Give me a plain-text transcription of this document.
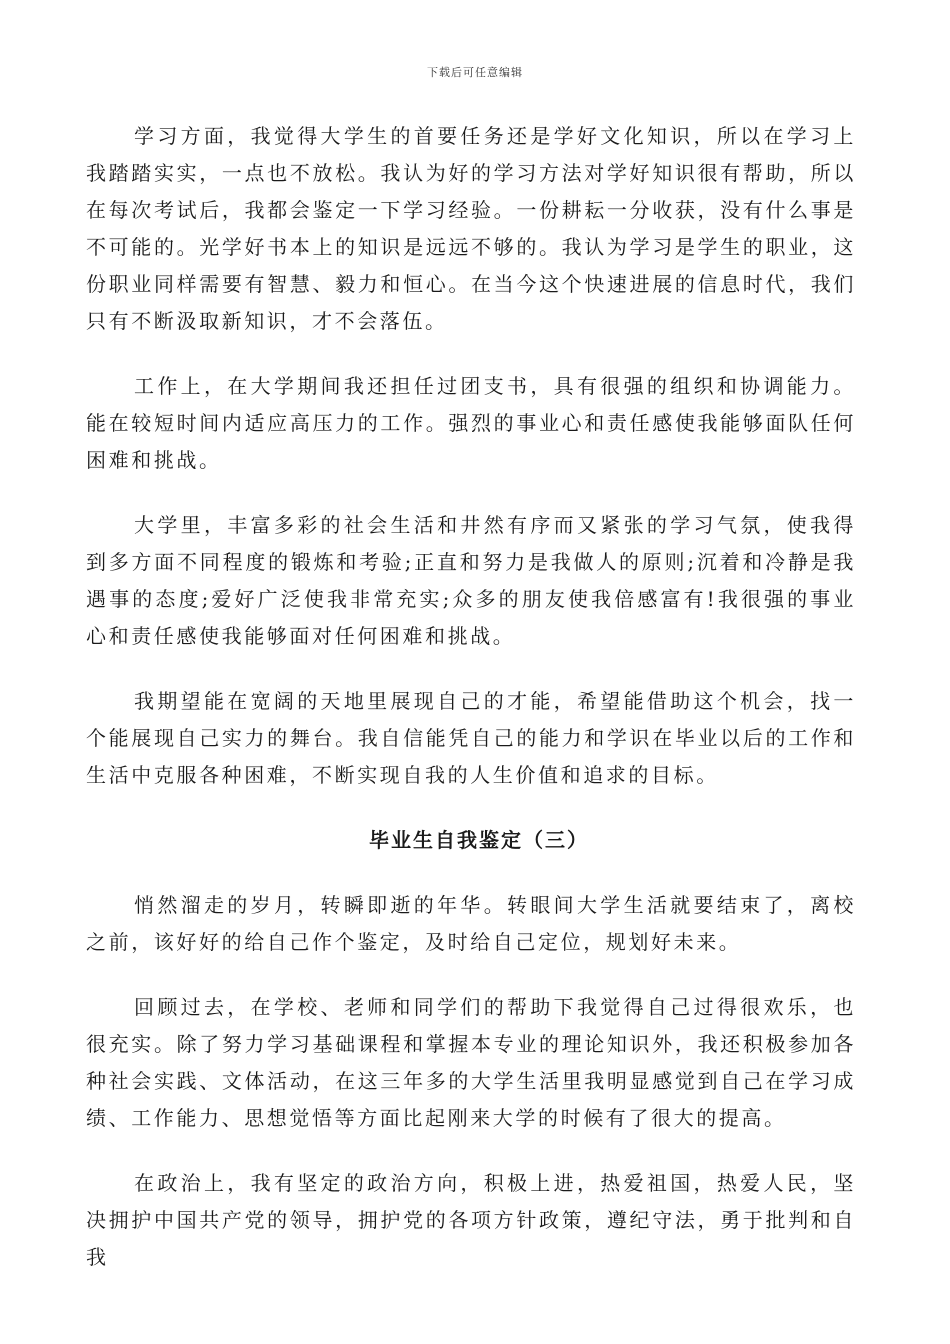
下载后可任意编辑

学习方面，我觉得大学生的首要任务还是学好文化知识，所以在学习上我踏踏实实，一点也不放松。我认为好的学习方法对学好知识很有帮助，所以在每次考试后，我都会鉴定一下学习经验。一份耕耘一分收获，没有什么事是不可能的。光学好书本上的知识是远远不够的。我认为学习是学生的职业，这份职业同样需要有智慧、毅力和恒心。在当今这个快速进展的信息时代，我们只有不断汲取新知识，才不会落伍。

工作上，在大学期间我还担任过团支书，具有很强的组织和协调能力。能在较短时间内适应高压力的工作。强烈的事业心和责任感使我能够面队任何困难和挑战。

大学里，丰富多彩的社会生活和井然有序而又紧张的学习气氛，使我得到多方面不同程度的锻炼和考验;正直和努力是我做人的原则;沉着和冷静是我遇事的态度;爱好广泛使我非常充实;众多的朋友使我倍感富有!我很强的事业心和责任感使我能够面对任何困难和挑战。

我期望能在宽阔的天地里展现自己的才能，希望能借助这个机会，找一个能展现自己实力的舞台。我自信能凭自己的能力和学识在毕业以后的工作和生活中克服各种困难，不断实现自我的人生价值和追求的目标。

毕业生自我鉴定（三）

悄然溜走的岁月，转瞬即逝的年华。转眼间大学生活就要结束了，离校之前，该好好的给自己作个鉴定，及时给自己定位，规划好未来。

回顾过去，在学校、老师和同学们的帮助下我觉得自己过得很欢乐，也很充实。除了努力学习基础课程和掌握本专业的理论知识外，我还积极参加各种社会实践、文体活动，在这三年多的大学生活里我明显感觉到自己在学习成绩、工作能力、思想觉悟等方面比起刚来大学的时候有了很大的提高。

在政治上，我有坚定的政治方向，积极上进，热爱祖国，热爱人民，坚决拥护中国共产党的领导，拥护党的各项方针政策，遵纪守法，勇于批判和自我
